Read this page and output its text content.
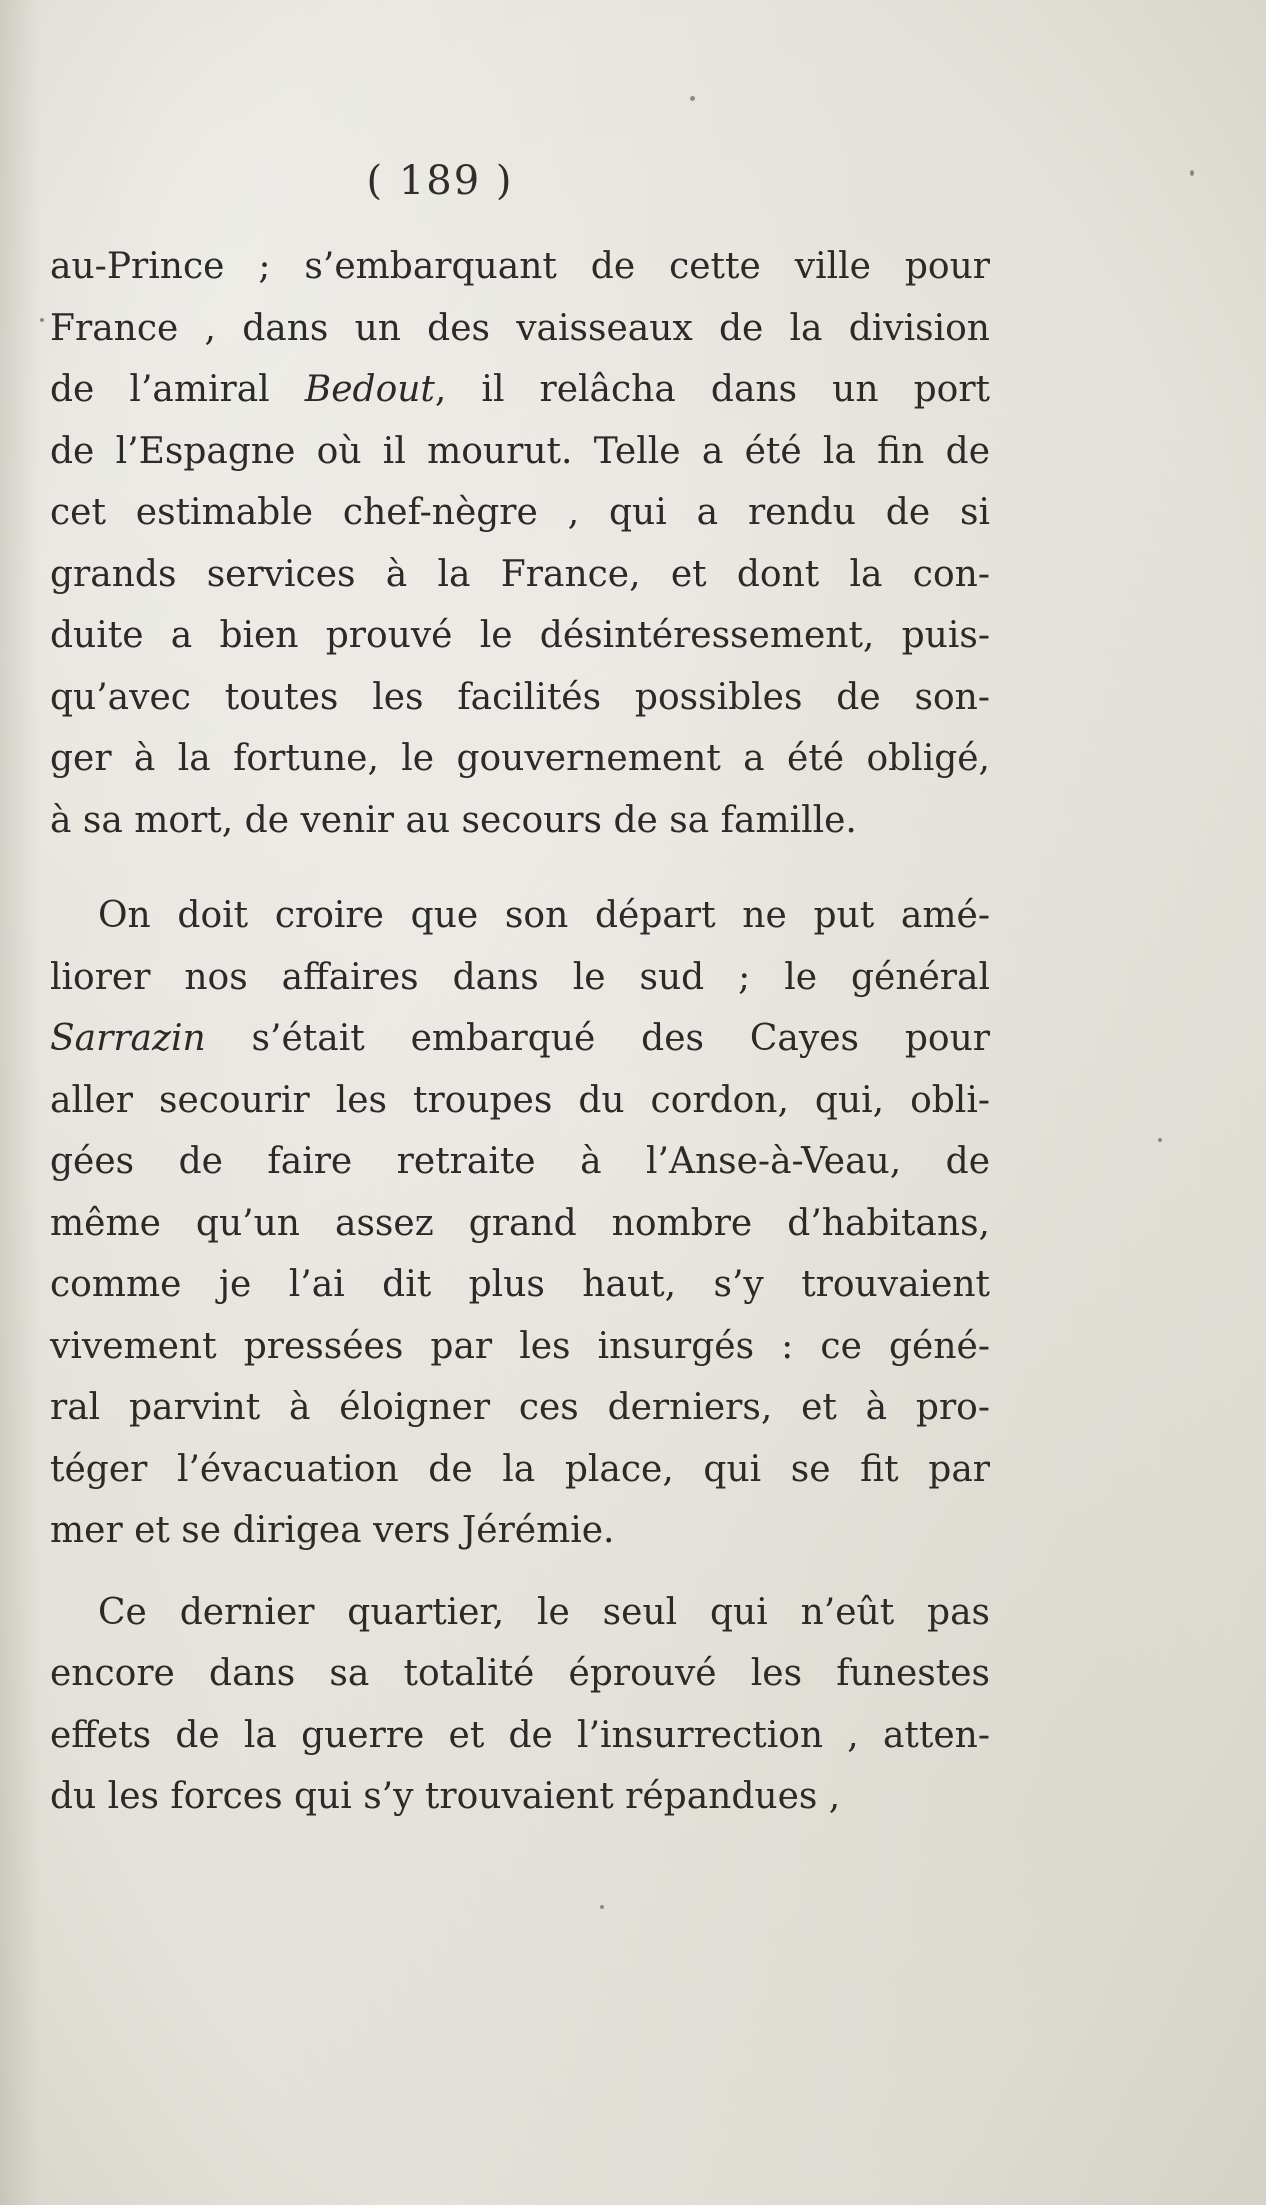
( 189 )
au-Prince ; s’embarquant de cette ville pour
France , dans un des vaisseaux de la division
de l’amiral Bedout, il relâcha dans un port
de l’Espagne où il mourut. Telle a été la fin de
cet estimable chef-nègre , qui a rendu de si
grands services à la France, et dont la con-
duite a bien prouvé le désintéressement, puis-
qu’avec toutes les facilités possibles de son-
ger à la fortune, le gouvernement a été obligé,
à sa mort, de venir au secours de sa famille.
On doit croire que son départ ne put amé-
liorer nos affaires dans le sud ; le général
Sarrazin s’était embarqué des Cayes pour
aller secourir les troupes du cordon, qui, obli-
gées de faire retraite à l’Anse-à-Veau, de
même qu’un assez grand nombre d’habitans,
comme je l’ai dit plus haut, s’y trouvaient
vivement pressées par les insurgés : ce géné-
ral parvint à éloigner ces derniers, et à pro-
téger l’évacuation de la place, qui se fit par
mer et se dirigea vers Jérémie.
Ce dernier quartier, le seul qui n’eût pas
encore dans sa totalité éprouvé les funestes
effets de la guerre et de l’insurrection , atten-
du les forces qui s’y trouvaient répandues ,
